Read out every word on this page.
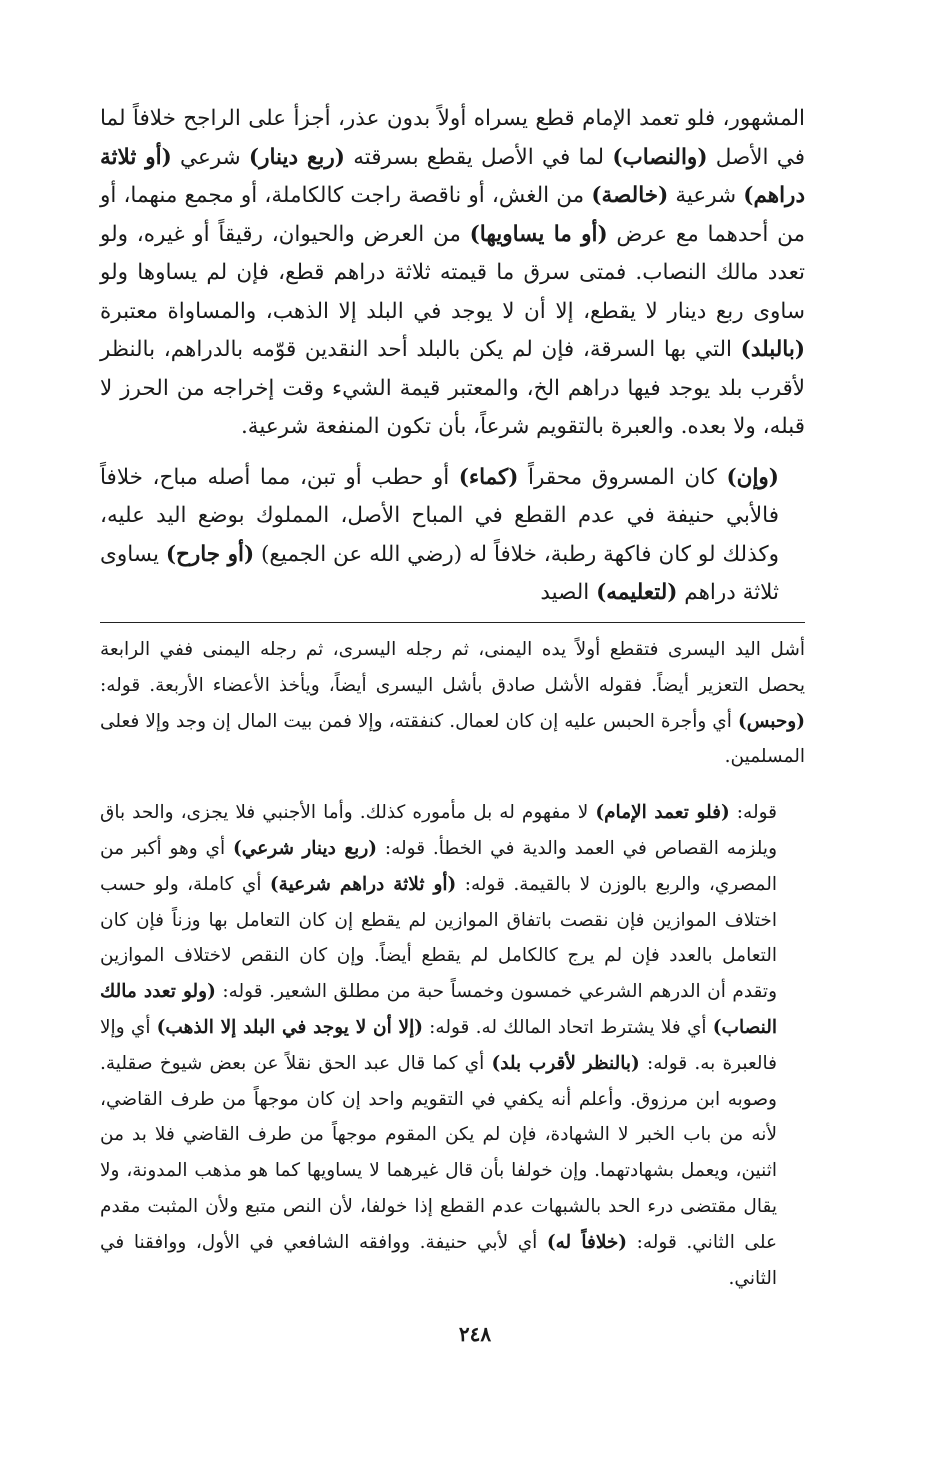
المشهور، فلو تعمد الإمام قطع يسراه أولاً بدون عذر، أجزأ على الراجح خلافاً لما في الأصل (والنصاب) لما في الأصل يقطع بسرقته (ربع دينار) شرعي (أو ثلاثة دراهم) شرعية (خالصة) من الغش، أو ناقصة راجت كالكاملة، أو مجمع منهما، أو من أحدهما مع عرض (أو ما يساويها) من العرض والحيوان، رقيقاً أو غيره، ولو تعدد مالك النصاب. فمتى سرق ما قيمته ثلاثة دراهم قطع، فإن لم يساوها ولو ساوى ربع دينار لا يقطع، إلا أن لا يوجد في البلد إلا الذهب، والمساواة معتبرة (بالبلد) التي بها السرقة، فإن لم يكن بالبلد أحد النقدين قوّمه بالدراهم، بالنظر لأقرب بلد يوجد فيها دراهم الخ، والمعتبر قيمة الشيء وقت إخراجه من الحرز لا قبله، ولا بعده. والعبرة بالتقويم شرعاً، بأن تكون المنفعة شرعية.

(وإن) كان المسروق محقراً (كماء) أو حطب أو تبن، مما أصله مباح، خلافاً فالأبي حنيفة في عدم القطع في المباح الأصل، المملوك بوضع اليد عليه، وكذلك لو كان فاكهة رطبة، خلافاً له (رضي الله عن الجميع) (أو جارح) يساوى ثلاثة دراهم (لتعليمه) الصيد

أشل اليد اليسرى فتقطع أولاً يده اليمنى، ثم رجله اليسرى، ثم رجله اليمنى ففي الرابعة يحصل التعزير أيضاً. فقوله الأشل صادق بأشل اليسرى أيضاً، ويأخذ الأعضاء الأربعة. قوله: (وحبس) أي وأجرة الحبس عليه إن كان لعمال. كنفقته، وإلا فمن بيت المال إن وجد وإلا فعلى المسلمين.

قوله: (فلو تعمد الإمام) لا مفهوم له بل مأموره كذلك. وأما الأجنبي فلا يجزى، والحد باق ويلزمه القصاص في العمد والدية في الخطأ. قوله: (ربع دينار شرعي) أي وهو أكبر من المصري، والربع بالوزن لا بالقيمة. قوله: (أو ثلاثة دراهم شرعية) أي كاملة، ولو حسب اختلاف الموازين فإن نقصت باتفاق الموازين لم يقطع إن كان التعامل بها وزناً فإن كان التعامل بالعدد فإن لم يرج كالكامل لم يقطع أيضاً. وإن كان النقص لاختلاف الموازين وتقدم أن الدرهم الشرعي خمسون وخمساً حبة من مطلق الشعير. قوله: (ولو تعدد مالك النصاب) أي فلا يشترط اتحاد المالك له. قوله: (إلا أن لا يوجد في البلد إلا الذهب) أي وإلا فالعبرة به. قوله: (بالنظر لأقرب بلد) أي كما قال عبد الحق نقلاً عن بعض شيوخ صقلية. وصوبه ابن مرزوق. وأعلم أنه يكفي في التقويم واحد إن كان موجهاً من طرف القاضي، لأنه من باب الخبر لا الشهادة، فإن لم يكن المقوم موجهاً من طرف القاضي فلا بد من اثنين، ويعمل بشهادتهما. وإن خولفا بأن قال غيرهما لا يساويها كما هو مذهب المدونة، ولا يقال مقتضى درء الحد بالشبهات عدم القطع إذا خولفا، لأن النص متبع ولأن المثبت مقدم على الثاني. قوله: (خلافاً له) أي لأبي حنيفة. ووافقه الشافعي في الأول، ووافقنا في الثاني.

٢٤٨
